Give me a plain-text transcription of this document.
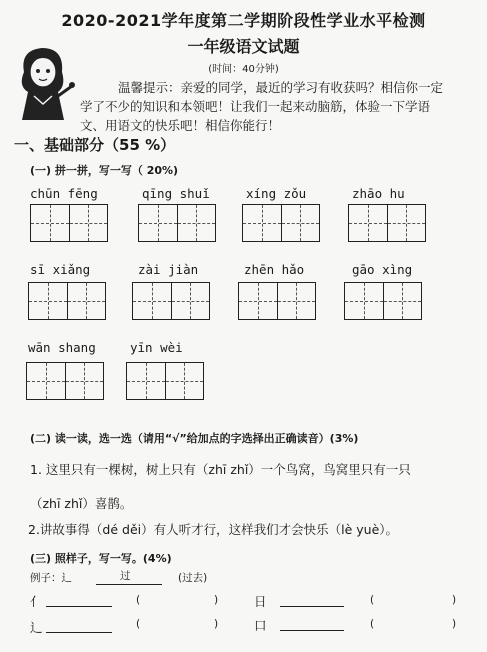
2020-2021学年度第二学期阶段性学业水平检测
一年级语文试题
(时间：40分钟)
温馨提示：亲爱的同学，最近的学习有收获吗？相信你一定
学了不少的知识和本领吧！让我们一起来动脑筋，体验一下学语
文、用语文的快乐吧！相信你能行！
一、基础部分（55 %）
(一) 拼一拼，写一写（ 20%)
chūn fēng	qīng shuǐ	xíng zǒu	zhāo hu
sī xiǎng	zài jiàn	zhēn hǎo	gāo xìng
wān shang	yīn wèi
(二) 读一读，选一选（请用“√”给加点的字选择出正确读音）(3%)
1. 这里只有一棵树，树上只有（zhī zhǐ）一个鸟窝，鸟窝里只有一只
（zhī zhǐ）喜鹊。
2.讲故事得（dé děi）有人听才行，这样我们才会快乐（lè yuè）。
(三) 照样子，写一写。(4%)
例子：辶	过	(过去)
亻	(	)	日	(	)
辶	(	)	口	(	)
